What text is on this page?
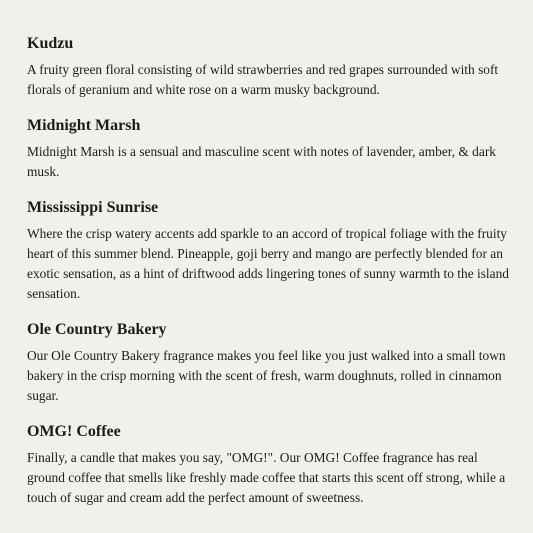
Kudzu

A fruity green floral consisting of wild strawberries and red grapes surrounded with soft florals of geranium and white rose on a warm musky background.

Midnight Marsh

Midnight Marsh is a sensual and masculine scent with notes of lavender, amber, & dark musk.

Mississippi Sunrise

Where the crisp watery accents add sparkle to an accord of tropical foliage with the fruity heart of this summer blend. Pineapple, goji berry and mango are perfectly blended for an exotic sensation, as a hint of driftwood adds lingering tones of sunny warmth to the island sensation.

Ole Country Bakery

Our Ole Country Bakery fragrance makes you feel like you just walked into a small town bakery in the crisp morning with the scent of fresh, warm doughnuts, rolled in cinnamon sugar.

OMG! Coffee

Finally, a candle that makes you say, "OMG!". Our OMG! Coffee fragrance has real ground coffee that smells like freshly made coffee that starts this scent off strong, while a touch of sugar and cream add the perfect amount of sweetness.
